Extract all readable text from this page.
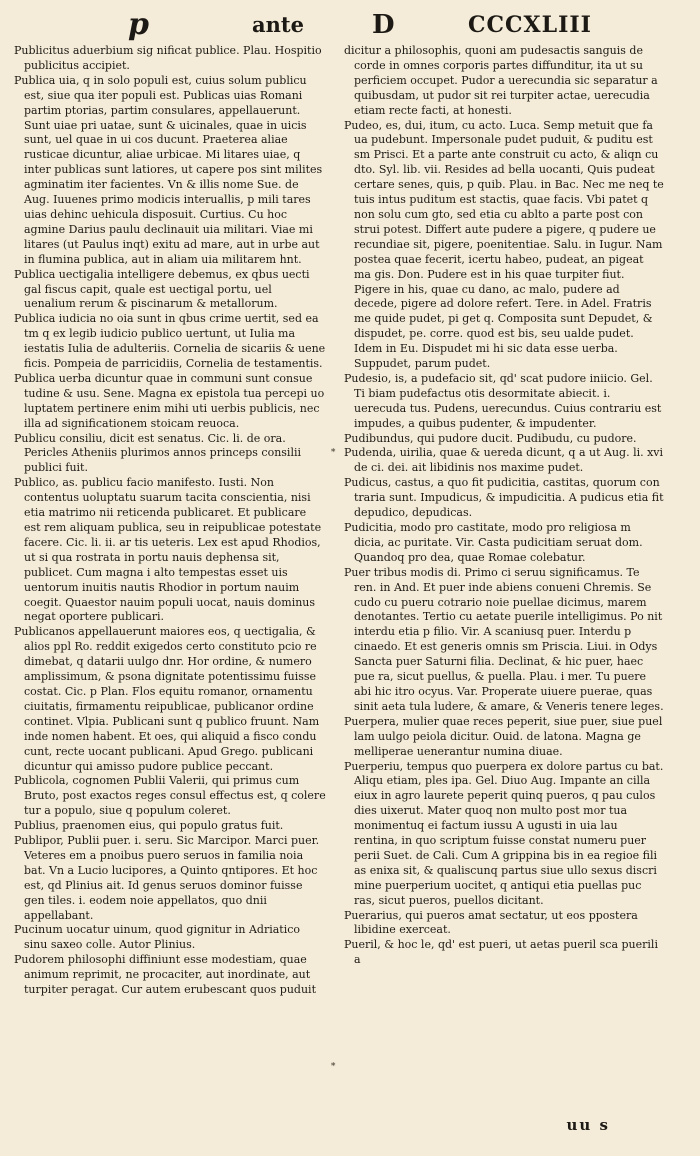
p	ante	D	CCCXLIII

Publicitus aduerbium sig nificat publice. Plau. Hospitio publicitus accipiet.

Publica uia, q in solo populi est, cuius solum publicu est, siue qua iter populi est. Publicas uias Romani partim ptorias, partim consulares, appellauerunt. Sunt uiae pri uatae, sunt & uicinales, quae in uicis sunt, uel quae in ui cos ducunt. Praeterea aliae rusticae dicuntur, aliae urbicae. Mi litares uiae, q inter publicas sunt latiores, ut capere pos sint milites agminatim iter facientes. Vn & illis nome Sue. de Aug. Iuuenes primo modicis interuallis, p mili tares uias dehinc uehicula disposuit. Curtius. Cu hoc agmine Darius paulu declinauit uia militari. Viae mi litares (ut Paulus inqt) exitu ad mare, aut in urbe aut in flumina publica, aut in aliam uia militarem hnt.

Publica uectigalia intelligere debemus, ex qbus uecti gal fiscus capit, quale est uectigal portu, uel uenalium rerum & piscinarum & metallorum.

Publica iudicia no oia sunt in qbus crime uertit, sed ea tm q ex legib iudicio publico uertunt, ut Iulia ma iestatis Iulia de adulteriis. Cornelia de sicariis & uene ficis. Pompeia de parricidiis, Cornelia de testamentis.

Publica uerba dicuntur quae in communi sunt consue tudine & usu. Sene. Magna ex epistola tua percepi uo luptatem pertinere enim mihi uti uerbis publicis, nec illa ad significationem stoicam reuoca.

Publicu consiliu, dicit est senatus. Cic. li. de ora. Pericles Atheniis plurimos annos princeps consilii publici fuit.

Publico, as. publicu facio manifesto. Iusti. Non contentus uoluptatu suarum tacita conscientia, nisi etia matrimo nii reticenda publicaret. Et publicare est rem aliquam publica, seu in reipublicae potestate facere. Cic. li. ii. ar tis ueteris. Lex est apud Rhodios, ut si qua rostrata in portu nauis dephensa sit, publicet. Cum magna i alto tempestas esset uis uentorum inuitis nautis Rhodior in portum nauim coegit. Quaestor nauim populi uocat, nauis dominus negat oportere publicari.

Publicanos appellauerunt maiores eos, q uectigalia, & alios ppl Ro. reddit exigedos certo constituto pcio re dimebat, q datarii uulgo dnr. Hor ordine, & numero amplissimum, & psona dignitate potentissimu fuisse costat. Cic. p Plan. Flos equitu romanor, ornamentu ciuitatis, firmamentu reipublicae, publicanor ordine continet. Vlpia. Publicani sunt q publico fruunt. Nam inde nomen habent. Et oes, qui aliquid a fisco condu cunt, recte uocant publicani. Apud Grego. publicani dicuntur qui amisso pudore publice peccant.

Publicola, cognomen Publii Valerii, qui primus cum Bruto, post exactos reges consul effectus est, q colere tur a populo, siue q populum coleret.

Publius, praenomen eius, qui populo gratus fuit.

Publipor, Publii puer. i. seru. Sic Marcipor. Marci puer. Veteres em a pnoibus puero seruos in familia noia bat. Vn a Lucio lucipores, a Quinto qntipores. Et hoc est, qd Plinius ait. Id genus seruos dominor fuisse gen tiles. i. eodem noie appellatos, quo dnii appellabant.

Pucinum uocatur uinum, quod gignitur in Adriatico sinu saxeo colle. Autor Plinius.

Pudorem philosophi diffiniunt esse modestiam, quae animum reprimit, ne procaciter, aut inordinate, aut turpiter peragat. Cur autem erubescant quos puduit

∗
∗

dicitur a philosophis, quoni am pudesactis sanguis de corde in omnes corporis partes diffunditur, ita ut su perficiem occupet. Pudor a uerecundia sic separatur a quibusdam, ut pudor sit rei turpiter actae, uerecudia etiam recte facti, at honesti.

Pudeo, es, dui, itum, cu acto. Luca. Semp metuit que fa ua pudebunt. Impersonale pudet puduit, & puditu est sm Prisci. Et a parte ante construit cu acto, & aliqn cu dto. Syl. lib. vii. Resides ad bella uocanti, Quis pudeat certare senes, quis, p quib. Plau. in Bac. Nec me neq te tuis intus puditum est stactis, quae facis. Vbi patet q non solu cum gto, sed etia cu ablto a parte post con strui potest. Differt aute pudere a pigere, q pudere ue recundiae sit, pigere, poenitentiae. Salu. in Iugur. Nam postea quae fecerit, icertu habeo, pudeat, an pigeat ma gis. Don. Pudere est in his quae turpiter fiut. Pigere in his, quae cu dano, ac malo, pudere ad decede, pigere ad dolore refert. Tere. in Adel. Fratris me quide pudet, pi get q. Composita sunt Depudet, & dispudet, pe. corre. quod est bis, seu ualde pudet. Idem in Eu. Dispudet mi hi sic data esse uerba. Suppudet, parum pudet.

Pudesio, is, a pudefacio sit, qd' scat pudore iniicio. Gel. Ti biam pudefactus otis desormitate abiecit. i. uerecuda tus. Pudens, uerecundus. Cuius contrariu est impudes, a quibus pudenter, & impudenter.

Pudibundus, qui pudore ducit. Pudibudu, cu pudore.

Pudenda, uirilia, quae & uereda dicunt, q a ut Aug. li. xvi de ci. dei. ait libidinis nos maxime pudet.

Pudicus, castus, a quo fit pudicitia, castitas, quorum con traria sunt. Impudicus, & impudicitia. A pudicus etia fit depudico, depudicas.

Pudicitia, modo pro castitate, modo pro religiosa m dicia, ac puritate. Vir. Casta pudicitiam seruat dom. Quandoq pro dea, quae Romae colebatur.

Puer tribus modis di. Primo ci seruu significamus. Te ren. in And. Et puer inde abiens conueni Chremis. Se cudo cu pueru cotrario noie puellae dicimus, marem denotantes. Tertio cu aetate puerile intelligimus. Po nit interdu etia p filio. Vir. A scaniusq puer. Interdu p cinaedo. Et est generis omnis sm Priscia. Liui. in Odys Sancta puer Saturni filia. Declinat, & hic puer, haec pue ra, sicut puellus, & puella. Plau. i mer. Tu puere abi hic itro ocyus. Var. Properate uiuere puerae, quas sinit aeta tula ludere, & amare, & Veneris tenere leges.

Puerpera, mulier quae reces peperit, siue puer, siue puel lam uulgo peiola dicitur. Ouid. de latona. Magna ge melliperae uenerantur numina diuae.

Puerperiu, tempus quo puerpera ex dolore partus cu bat. Aliqu etiam, ples ipa. Gel. Diuo Aug. Impante an cilla eiux in agro laurete peperit quinq pueros, q pau culos dies uixerut. Mater quoq non multo post mor tua monimentuq ei factum iussu A ugusti in uia lau rentina, in quo scriptum fuisse constat numeru puer perii Suet. de Cali. Cum A grippina bis in ea regioe fili as enixa sit, & qualiscunq partus siue ullo sexus discri mine puerperium uocitet, q antiqui etia puellas puc ras, sicut pueros, puellos dicitant.

Puerarius, qui pueros amat sectatur, ut eos ppostera libidine exerceat.

Pueril, & hoc le, qd' est pueri, ut aetas pueril sca puerili a

uu s
